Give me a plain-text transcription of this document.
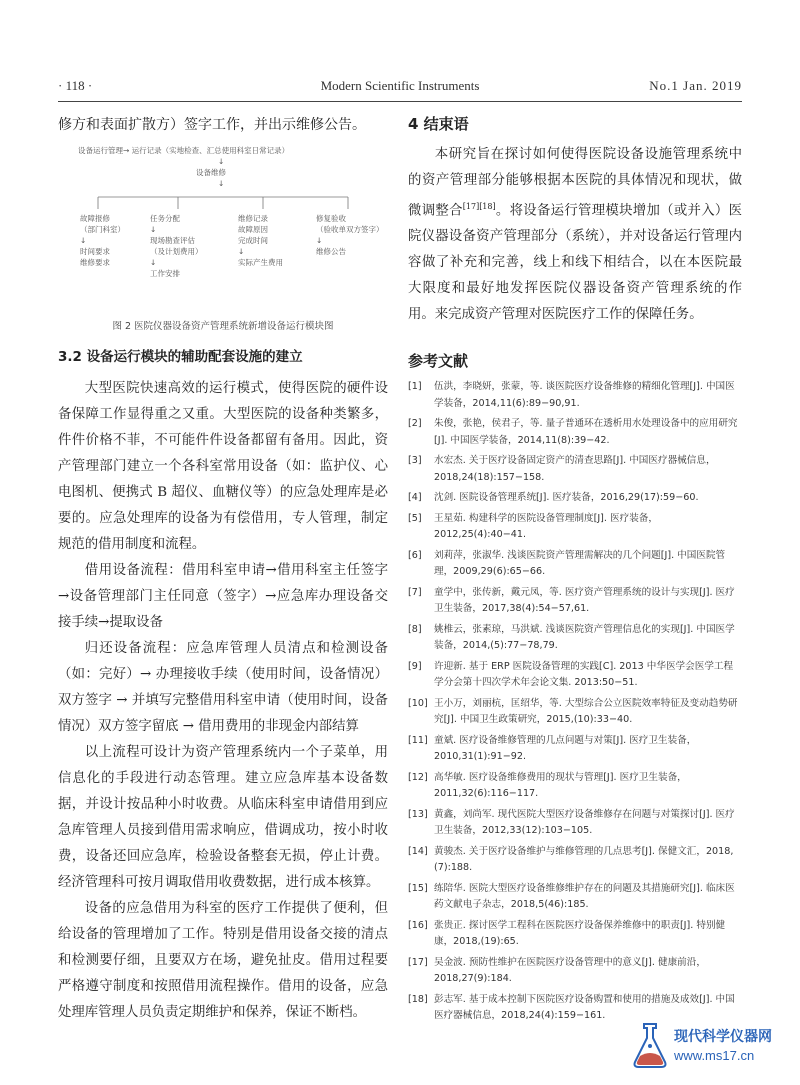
· 118 ·	Modern Scientific Instruments	No.1 Jan. 2019
修方和表面扩散方）签字工作，并出示维修公告。
设备运行管理→ 运行记录（实地检查、汇总使用科室日常记录）
↓
设备维修
↓
故障报修
（部门科室）
↓
时间要求
维修要求
任务分配
↓
现场勘查评估
（及计划费用）
↓
工作安排
维修记录
故障原因
完成时间
↓
实际产生费用
修复验收
（验收单双方签字）
↓
维修公告
图 2 医院仪器设备资产管理系统新增设备运行模块图
3.2 设备运行模块的辅助配套设施的建立

大型医院快速高效的运行模式，使得医院的硬件设备保障工作显得重之又重。大型医院的设备种类繁多，件件价格不菲，不可能件件设备都留有备用。因此，资产管理部门建立一个各科室常用设备（如：监护仪、心电图机、便携式 B 超仪、血糖仪等）的应急处理库是必要的。应急处理库的设备为有偿借用，专人管理，制定规范的借用制度和流程。

借用设备流程：借用科室申请→借用科室主任签字→设备管理部门主任同意（签字）→应急库办理设备交接手续→提取设备

归还设备流程：应急库管理人员清点和检测设备（如：完好）→ 办理接收手续（使用时间，设备情况）双方签字 → 并填写完整借用科室申请（使用时间，设备情况）双方签字留底 → 借用费用的非现金内部结算

以上流程可设计为资产管理系统内一个子菜单，用信息化的手段进行动态管理。建立应急库基本设备数据，并设计按品种小时收费。从临床科室申请借用到应急库管理人员接到借用需求响应，借调成功，按小时收费，设备还回应急库，检验设备整套无损，停止计费。经济管理科可按月调取借用收费数据，进行成本核算。

设备的应急借用为科室的医疗工作提供了便利，但给设备的管理增加了工作。特别是借用设备交接的清点和检测要仔细，且要双方在场，避免扯皮。借用过程要严格遵守制度和按照借用流程操作。借用的设备，应急处理库管理人员负责定期维护和保养，保证不断档。

4 结束语

本研究旨在探讨如何使得医院设备设施管理系统中的资产管理部分能够根据本医院的具体情况和现状，做微调整合[17][18]。将设备运行管理模块增加（或并入）医院仪器设备资产管理部分（系统），并对设备运行管理内容做了补充和完善，线上和线下相结合，以在本医院最大限度和最好地发挥医院仪器设备资产管理系统的作用。来完成资产管理对医院医疗工作的保障任务。

参考文献
[1]	伍洪，李晓妍，张蒙，等. 谈医院医疗设备维修的精细化管理[J]. 中国医学装备，2014,11(6):89−90,91.
[2]	朱俊，张艳，侯君子，等. 量子普通环在透析用水处理设备中的应用研究[J]. 中国医学装备，2014,11(8):39−42.
[3]	水宏杰. 关于医疗设备固定资产的清查思路[J]. 中国医疗器械信息，2018,24(18):157−158.
[4]	沈剑. 医院设备管理系统[J]. 医疗装备，2016,29(17):59−60.
[5]	王星茹. 构建科学的医院设备管理制度[J]. 医疗装备，2012,25(4):40−41.
[6]	刘莉萍，张淑华. 浅谈医院资产管理需解决的几个问题[J]. 中国医院管理，2009,29(6):65−66.
[7]	童学中，张传新，戴元凤，等. 医疗资产管理系统的设计与实现[J]. 医疗卫生装备，2017,38(4):54−57,61.
[8]	姚椎云，张素琼，马洪斌. 浅谈医院资产管理信息化的实现[J]. 中国医学装备，2014,(5):77−78,79.
[9]	许迎新. 基于 ERP 医院设备管理的实践[C]. 2013 中华医学会医学工程学分会第十四次学术年会论文集. 2013:50−51.
[10] 王小万，刘丽杭，匡绍华，等. 大型综合公立医院效率特征及变动趋势研究[J]. 中国卫生政策研究，2015,(10):33−40.
[11] 童斌. 医疗设备维修管理的几点问题与对策[J]. 医疗卫生装备，2010,31(1):91−92.
[12] 高华敏. 医疗设备维修费用的现状与管理[J]. 医疗卫生装备，2011,32(6):116−117.
[13] 黄鑫，刘尚军. 现代医院大型医疗设备维修存在问题与对策探讨[J]. 医疗卫生装备，2012,33(12):103−105.
[14] 黄骏杰. 关于医疗设备维护与维修管理的几点思考[J]. 保健文汇，2018,(7):188.
[15] 练陪华. 医院大型医疗设备维修维护存在的问题及其措施研究[J]. 临床医药文献电子杂志，2018,5(46):185.
[16] 张贵正. 探讨医学工程科在医院医疗设备保养维修中的职责[J]. 特别健康，2018,(19):65.
[17] 吴金波. 预防性维护在医院医疗设备管理中的意义[J]. 健康前沿，2018,27(9):184.
[18] 彭志军. 基于成本控制下医院医疗设备购置和使用的措施及成效[J]. 中国医疗器械信息，2018,24(4):159−161.
现代科学仪器网
www.ms17.cn
